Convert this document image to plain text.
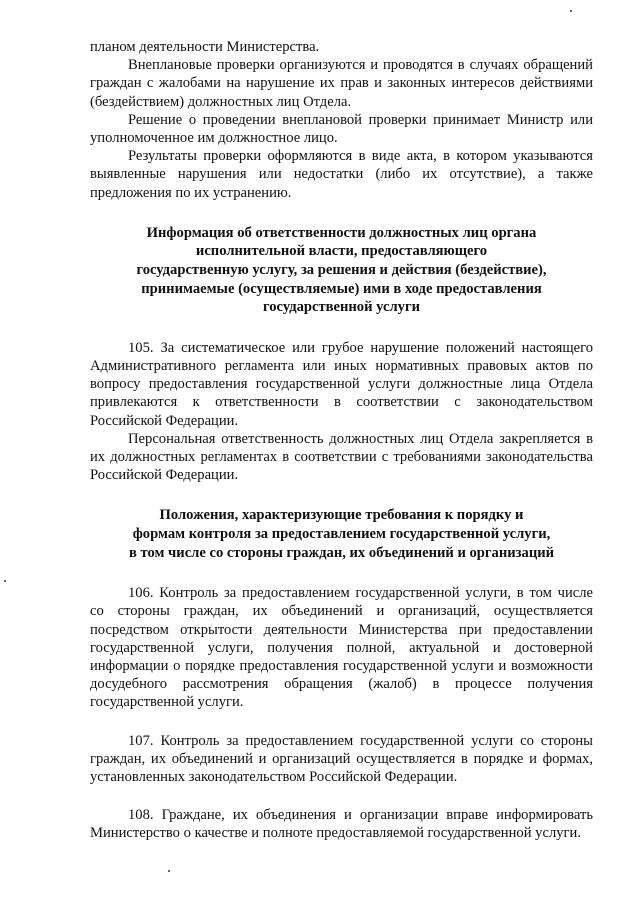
планом деятельности Министерства.

Внеплановые проверки организуются и проводятся в случаях обращений граждан с жалобами на нарушение их прав и законных интересов действиями (бездействием) должностных лиц Отдела.

Решение о проведении внеплановой проверки принимает Министр или уполномоченное им должностное лицо.

Результаты проверки оформляются в виде акта, в котором указываются выявленные нарушения или недостатки (либо их отсутствие), а также предложения по их устранению.

Информация об ответственности должностных лиц органа

исполнительной власти, предоставляющего

государственную услугу, за решения и действия (бездействие),

принимаемые (осуществляемые) ими в ходе предоставления

государственной услуги

105. За систематическое или грубое нарушение положений настоящего Административного регламента или иных нормативных правовых актов по вопросу предоставления государственной услуги должностные лица Отдела привлекаются к ответственности в соответствии с законодательством Российской Федерации.

Персональная ответственность должностных лиц Отдела закрепляется в их должностных регламентах в соответствии с требованиями законодательства Российской Федерации.

Положения, характеризующие требования к порядку и

формам контроля за предоставлением государственной услуги,

в том числе со стороны граждан, их объединений и организаций

106. Контроль за предоставлением государственной услуги, в том числе со стороны граждан, их объединений и организаций, осуществляется посредством открытости деятельности Министерства при предоставлении государственной услуги, получения полной, актуальной и достоверной информации о порядке предоставления государственной услуги и возможности досудебного рассмотрения обращения (жалоб) в процессе получения государственной услуги.

107. Контроль за предоставлением государственной услуги со стороны граждан, их объединений и организаций осуществляется в порядке и формах, установленных законодательством Российской Федерации.

108. Граждане, их объединения и организации вправе информировать Министерство о качестве и полноте предоставляемой государственной услуги.
